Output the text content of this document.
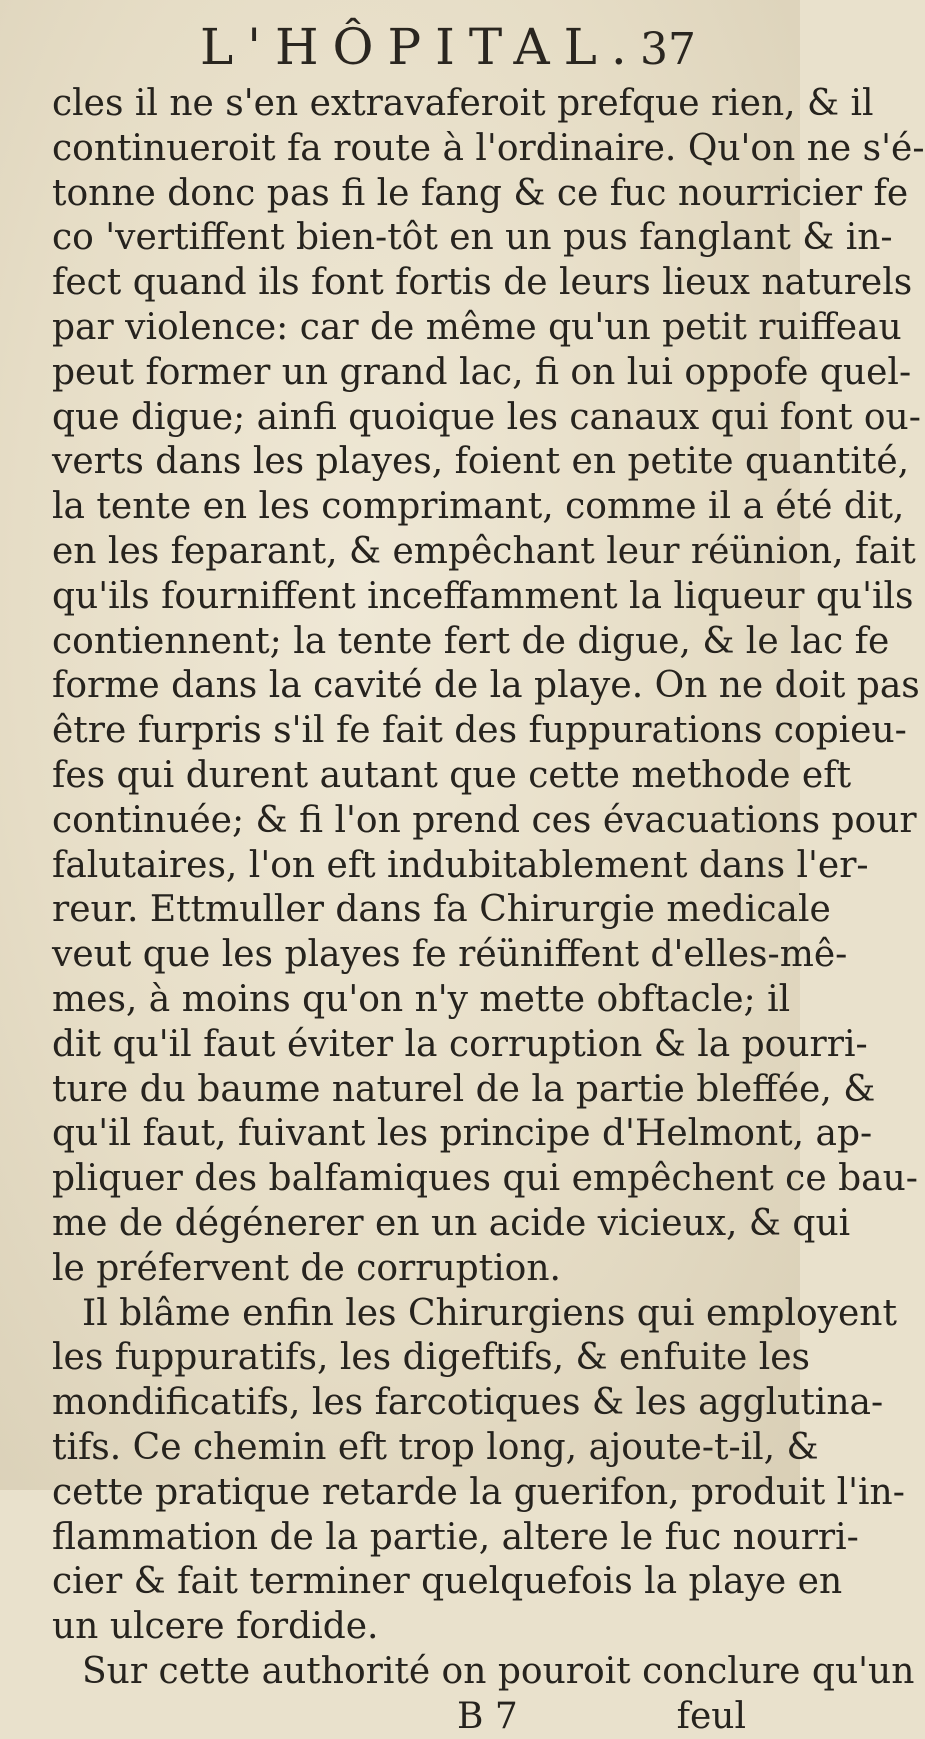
L'HÔPITAL. 37
cles il ne s'en extravaferoit prefque rien, & il
continueroit fa route à l'ordinaire. Qu'on ne s'é-
tonne donc pas fi le fang & ce fuc nourricier fe
co 'vertiffent bien-tôt en un pus fanglant & in-
fect quand ils font fortis de leurs lieux naturels
par violence: car de même qu'un petit ruiffeau
peut former un grand lac, fi on lui oppofe quel-
que digue; ainfi quoique les canaux qui font ou-
verts dans les playes, foient en petite quantité,
la tente en les comprimant, comme il a été dit,
en les feparant, & empêchant leur réünion, fait
qu'ils fourniffent inceffamment la liqueur qu'ils
contiennent; la tente fert de digue, & le lac fe
forme dans la cavité de la playe. On ne doit pas
être furpris s'il fe fait des fuppurations copieu-
fes qui durent autant que cette methode eft
continuée; & fi l'on prend ces évacuations pour
falutaires, l'on eft indubitablement dans l'er-
reur. Ettmuller dans fa Chirurgie medicale
veut que les playes fe réüniffent d'elles-mê-
mes, à moins qu'on n'y mette obftacle; il
dit qu'il faut éviter la corruption & la pourri-
ture du baume naturel de la partie bleffée, &
qu'il faut, fuivant les principe d'Helmont, ap-
pliquer des balfamiques qui empêchent ce bau-
me de dégénerer en un acide vicieux, & qui
le préfervent de corruption.
Il blâme enfin les Chirurgiens qui employent
les fuppuratifs, les digeftifs, & enfuite les
mondificatifs, les farcotiques & les agglutina-
tifs. Ce chemin eft trop long, ajoute-t-il, &
cette pratique retarde la guerifon, produit l'in-
flammation de la partie, altere le fuc nourri-
cier & fait terminer quelquefois la playe en
un ulcere fordide.
Sur cette authorité on pouroit conclure qu'un
B 7	feul
